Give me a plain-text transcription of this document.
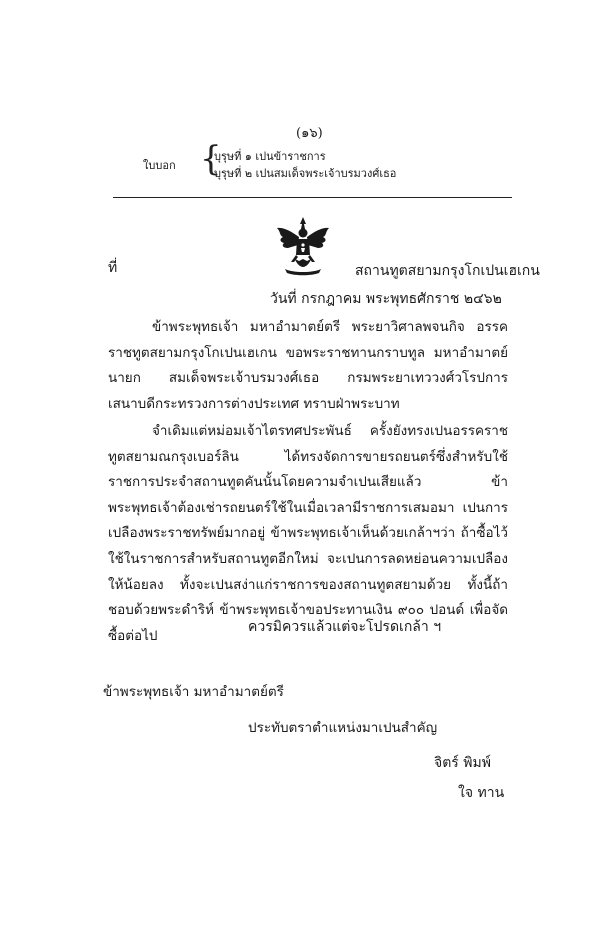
(๑๖)
ใบบอก {
บุรุษที่ ๑ เปนข้าราชการ
บุรุษที่ ๒ เปนสมเด็จพระเจ้าบรมวงศ์เธอ
ที่	สถานทูตสยามกรุงโกเปนเฮเกน
วันที่ กรกฎาคม พระพุทธศักราช ๒๔๖๒
ข้าพระพุทธเจ้า มหาอำมาตย์ตรี พระยาวิศาลพจนกิจ อรรคราชทูตสยามกรุงโกเปนเฮเกน ขอพระราชทานกราบทูล มหาอำมาตย์นายก สมเด็จพระเจ้าบรมวงศ์เธอ กรมพระยาเทววงศ์วโรปการ เสนาบดีกระทรวงการต่างประเทศ ทราบฝ่าพระบาท
จำเดิมแต่หม่อมเจ้าไตรทศประพันธ์ ครั้งยังทรงเปนอรรคราชทูตสยามณกรุงเบอร์ลิน ได้ทรงจัดการขายรถยนตร์ซึ่งสำหรับใช้ราชการประจำสถานทูตคันนั้นโดยความจำเปนเสียแล้ว ข้าพระพุทธเจ้าต้องเช่ารถยนตร์ใช้ในเมื่อเวลามีราชการเสมอมา เปนการเปลืองพระราชทรัพย์มากอยู่ ข้าพระพุทธเจ้าเห็นด้วยเกล้าฯว่า ถ้าซื้อไว้ใช้ในราชการสำหรับสถานทูตอีกใหม่ จะเปนการลดหย่อนความเปลืองให้น้อยลง ทั้งจะเปนสง่าแก่ราชการของสถานทูตสยามด้วย ทั้งนี้ถ้าชอบด้วยพระดำริห์ ข้าพระพุทธเจ้าขอประทานเงิน ๙๐๐ ปอนด์ เพื่อจัดซื้อต่อไป
ควรมิควรแล้วแต่จะโปรดเกล้า ฯ
ข้าพระพุทธเจ้า มหาอำมาตย์ตรี
ประทับตราตำแหน่งมาเปนสำคัญ
จิตร์ พิมพ์
ใจ ทาน
